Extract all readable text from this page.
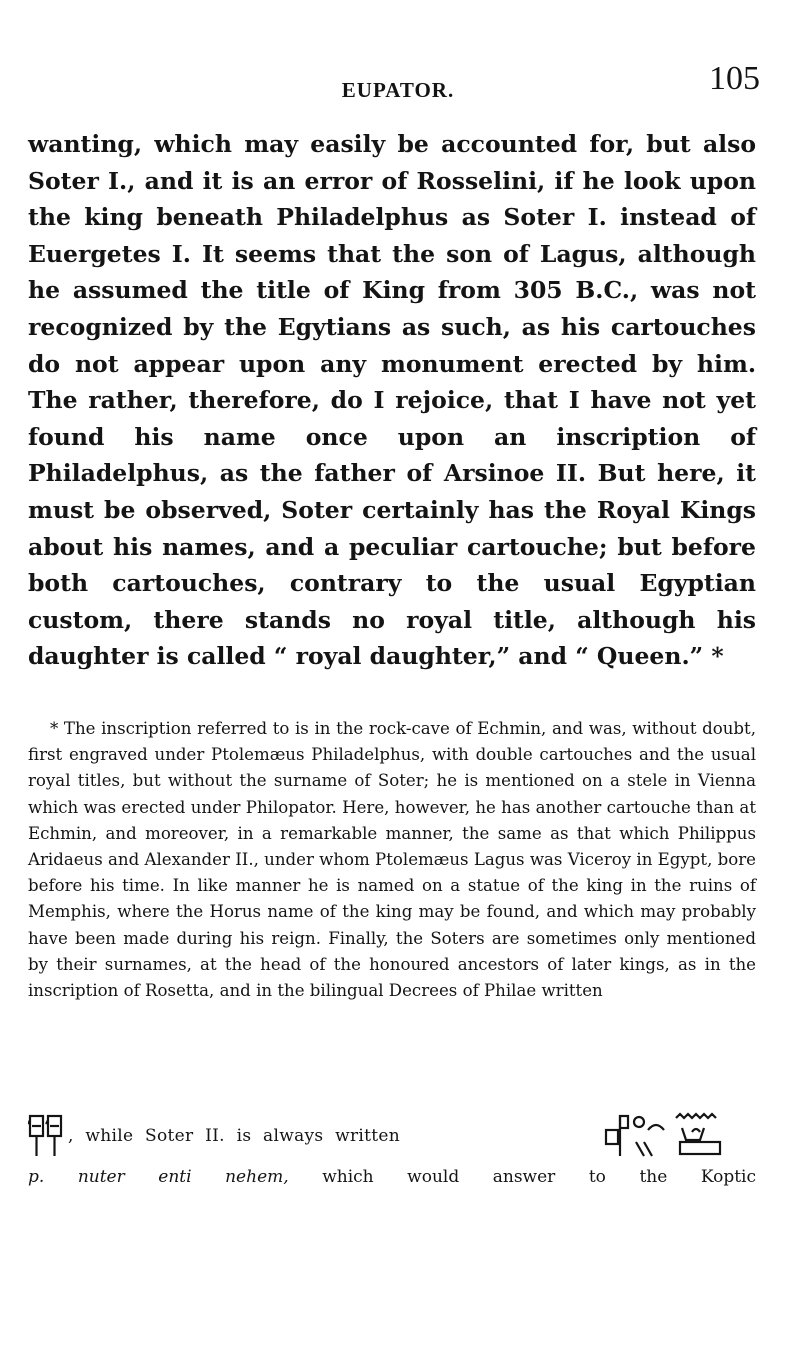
EUPATOR.	105

wanting, which may easily be accounted for, but also Soter I., and it is an error of Rosselini, if he look upon the king beneath Philadelphus as Soter I. instead of Euergetes I. It seems that the son of Lagus, although he assumed the title of King from 305 B.C., was not recognized by the Egytians as such, as his cartouches do not appear upon any monument erected by him. The rather, therefore, do I rejoice, that I have not yet found his name once upon an inscription of Philadelphus, as the father of Arsinoe II. But here, it must be observed, Soter certainly has the Royal Kings about his names, and a peculiar cartouche; but before both cartouches, contrary to the usual Egyptian custom, there stands no royal title, although his daughter is called “ royal daughter,” and “ Queen.” *

* The inscription referred to is in the rock-cave of Echmin, and was, without doubt, first engraved under Ptolemæus Philadelphus, with double cartouches and the usual royal titles, but without the surname of Soter; he is mentioned on a stele in Vienna which was erected under Philopator. Here, however, he has another cartouche than at Echmin, and moreover, in a remarkable manner, the same as that which Philippus Aridaeus and Alexander II., under whom Ptolemæus Lagus was Viceroy in Egypt, bore before his time. In like manner he is named on a statue of the king in the ruins of Memphis, where the Horus name of the king may be found, and which may probably have been made during his reign. Finally, the Soters are sometimes only mentioned by their surnames, at the head of the honoured ancestors of later kings, as in the inscription of Rosetta, and in the bilingual Decrees of Philae written

, while Soter II. is always written
p. nuter enti nehem, which would answer to the Koptic
